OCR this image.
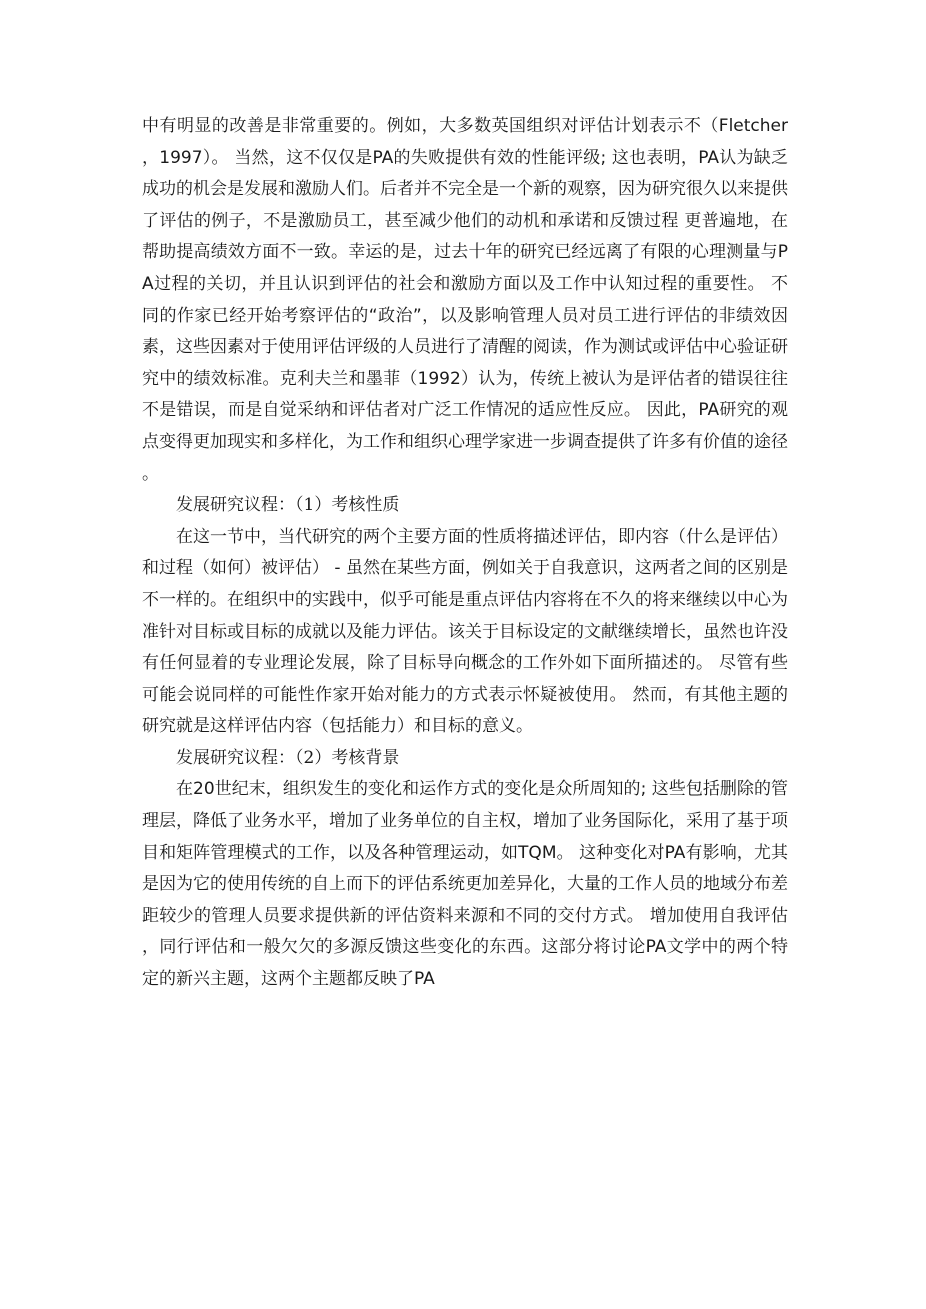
中有明显的改善是非常重要的。例如，大多数英国组织对评估计划表示不（Fletcher，1997）。 当然，这不仅仅是PA的失败提供有效的性能评级; 这也表明，PA认为缺乏成功的机会是发展和激励人们。后者并不完全是一个新的观察，因为研究很久以来提供了评估的例子，不是激励员工，甚至减少他们的动机和承诺和反馈过程 更普遍地，在帮助提高绩效方面不一致。幸运的是，过去十年的研究已经远离了有限的心理测量与PA过程的关切，并且认识到评估的社会和激励方面以及工作中认知过程的重要性。 不同的作家已经开始考察评估的“政治”，以及影响管理人员对员工进行评估的非绩效因素，这些因素对于使用评估评级的人员进行了清醒的阅读，作为测试或评估中心验证研究中的绩效标准。克利夫兰和墨菲（1992）认为，传统上被认为是评估者的错误往往不是错误，而是自觉采纳和评估者对广泛工作情况的适应性反应。 因此，PA研究的观点变得更加现实和多样化，为工作和组织心理学家进一步调查提供了许多有价值的途径。

发展研究议程：（1）考核性质

在这一节中，当代研究的两个主要方面的性质将描述评估，即内容（什么是评估）和过程（如何）被评估） - 虽然在某些方面，例如关于自我意识，这两者之间的区别是不一样的。在组织中的实践中，似乎可能是重点评估内容将在不久的将来继续以中心为准针对目标或目标的成就以及能力评估。该关于目标设定的文献继续增长，虽然也许没有任何显着的专业理论发展，除了目标导向概念的工作外如下面所描述的。 尽管有些可能会说同样的可能性作家开始对能力的方式表示怀疑被使用。 然而，有其他主题的研究就是这样评估内容（包括能力）和目标的意义。

发展研究议程：（2）考核背景

在20世纪末，组织发生的变化和运作方式的变化是众所周知的; 这些包括删除的管理层，降低了业务水平，增加了业务单位的自主权，增加了业务国际化，采用了基于项目和矩阵管理模式的工作，以及各种管理运动，如TQM。 这种变化对PA有影响，尤其是因为它的使用传统的自上而下的评估系统更加差异化，大量的工作人员的地域分布差距较少的管理人员要求提供新的评估资料来源和不同的交付方式。 增加使用自我评估，同行评估和一般欠欠的多源反馈这些变化的东西。这部分将讨论PA文学中的两个特定的新兴主题，这两个主题都反映了PA
